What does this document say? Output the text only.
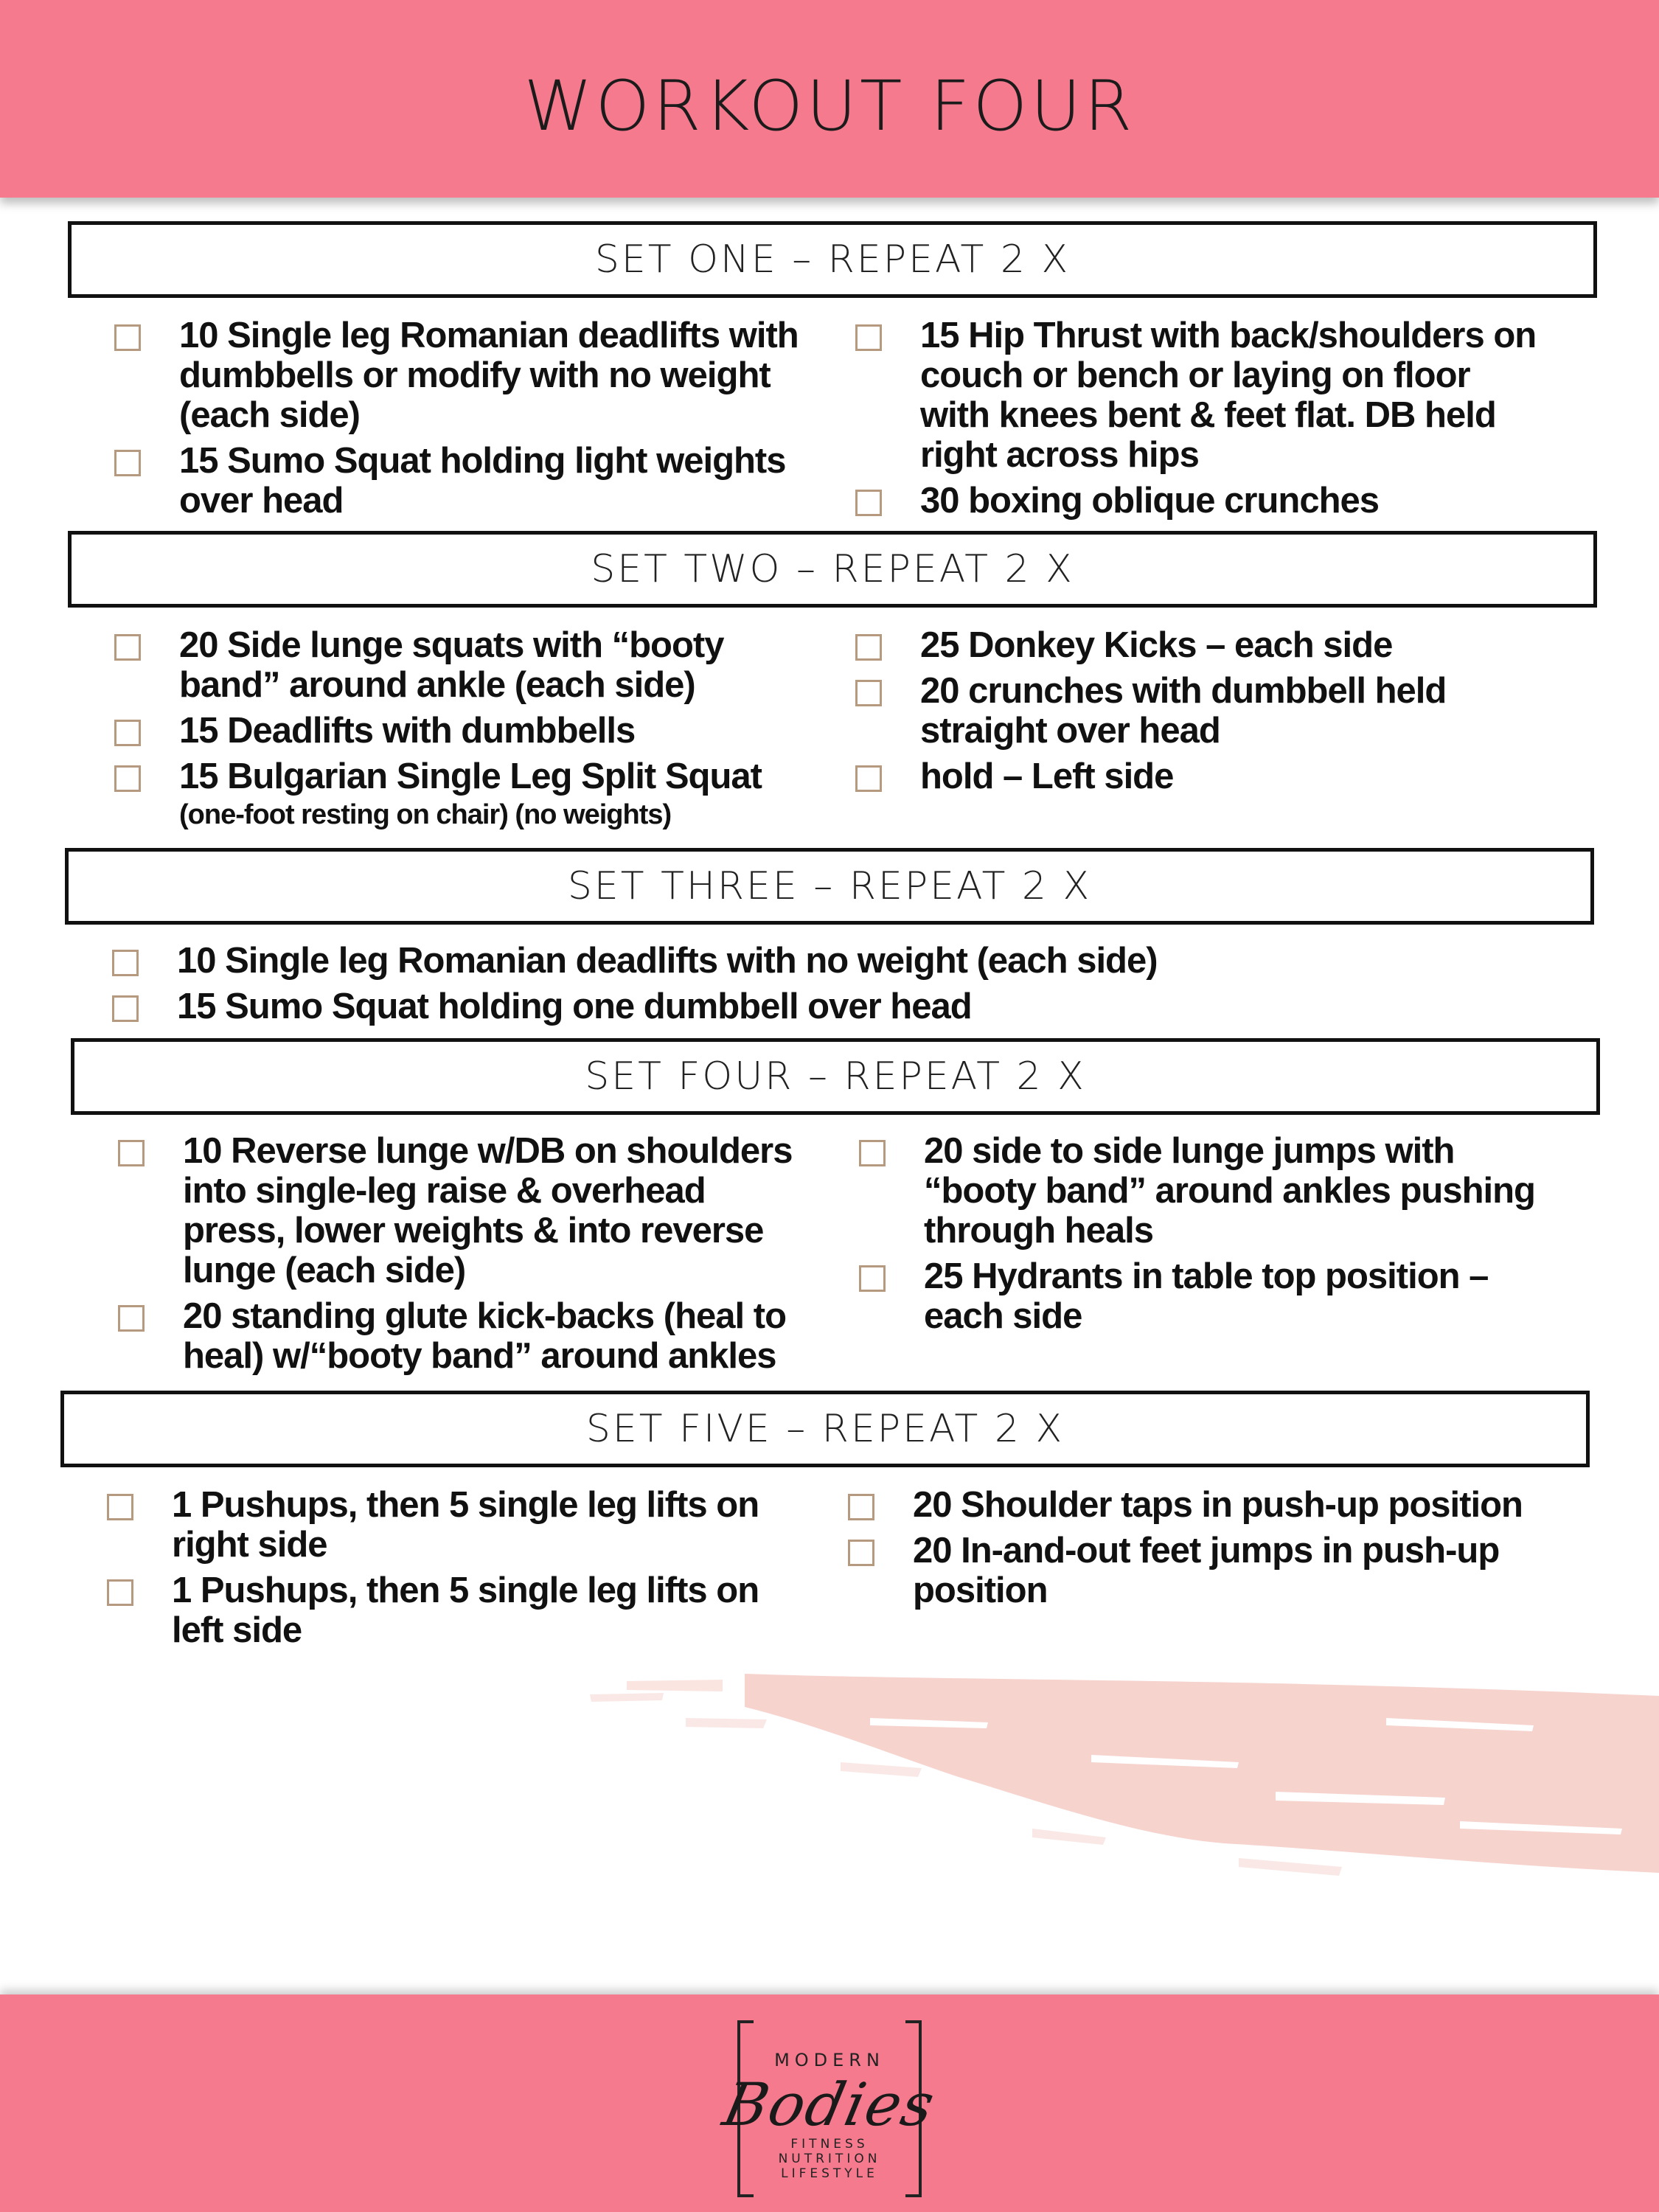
WORKOUT FOUR
SET ONE – REPEAT 2 X
10 Single leg Romanian deadlifts with dumbbells or modify with no weight (each side)
15 Sumo Squat holding light weights over head
15 Hip Thrust with back/shoulders on couch or bench or laying on floor with knees bent & feet flat. DB held right across hips
30 boxing oblique crunches
SET TWO – REPEAT 2 X
20 Side lunge squats with “booty band” around ankle (each side)
15 Deadlifts with dumbbells
15 Bulgarian Single Leg Split Squat
(one-foot resting on chair) (no weights)
25 Donkey Kicks – each side
20 crunches with dumbbell held straight over head
hold – Left side
SET THREE – REPEAT 2 X
10 Single leg Romanian deadlifts with no weight (each side)
15 Sumo Squat holding one dumbbell over head
SET FOUR – REPEAT 2 X
10 Reverse lunge w/DB on shoulders into single-leg raise & overhead press, lower weights & into reverse lunge (each side)
20 standing glute kick-backs (heal to heal) w/“booty band” around ankles
20 side to side lunge jumps with “booty band” around ankles pushing through heals
25 Hydrants in table top position – each side
SET FIVE – REPEAT 2 X
1 Pushups, then 5 single leg lifts on right side
1 Pushups, then 5 single leg lifts on left side
20 Shoulder taps in push-up position
20 In-and-out feet jumps in push-up position
MODERN
Bodies
FITNESS
NUTRITION
LIFESTYLE
